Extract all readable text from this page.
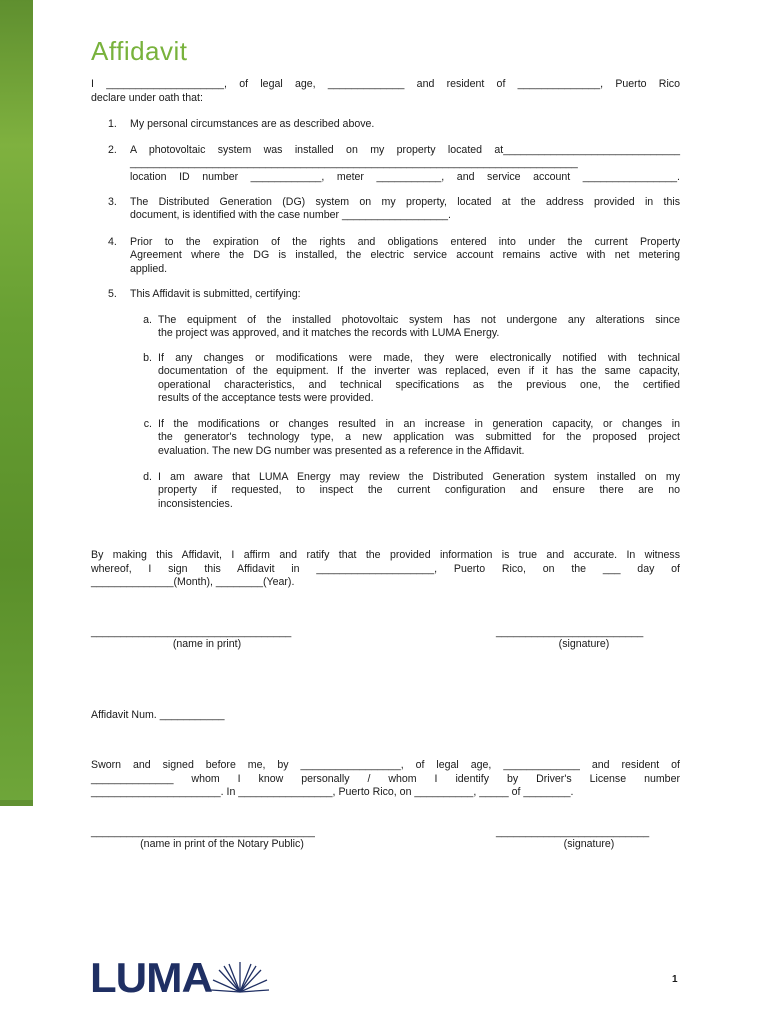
Affidavit
I ____________________, of legal age, _____________ and resident of ______________, Puerto Rico
declare under oath that:
1.	My personal circumstances are as described above.
2.	A photovoltaic system was installed on my property located at______________________________
____________________________________________________________________________
location ID number ____________, meter ___________, and service account ________________.
3.	The Distributed Generation (DG) system on my property, located at the address provided in this
document, is identified with the case number __________________.
4.	Prior to the expiration of the rights and obligations entered into under the current Property
Agreement where the DG is installed, the electric service account remains active with net metering
applied.
5.	This Affidavit is submitted, certifying:
a. The equipment of the installed photovoltaic system has not undergone any alterations since
the project was approved, and it matches the records with LUMA Energy.
b. If any changes or modifications were made, they were electronically notified with technical
documentation of the equipment. If the inverter was replaced, even if it has the same capacity,
operational characteristics, and technical specifications as the previous one, the certified
results of the acceptance tests were provided.
c. If the modifications or changes resulted in an increase in generation capacity, or changes in
the generator's technology type, a new application was submitted for the proposed project
evaluation. The new DG number was presented as a reference in the Affidavit.
d. I am aware that LUMA Energy may review the Distributed Generation system installed on my
property if requested, to inspect the current configuration and ensure there are no
inconsistencies.
By making this Affidavit, I affirm and ratify that the provided information is true and accurate. In witness
whereof, I sign this Affidavit in ____________________, Puerto Rico, on the ___ day of
______________(Month), ________(Year).
__________________________________
(name in print)
_________________________
(signature)
Affidavit Num. ___________
Sworn and signed before me, by _________________, of legal age, _____________ and resident of
______________ whom I know personally / whom I identify by Driver's License number
______________________. In ________________, Puerto Rico, on __________, _____ of ________.
______________________________________
(name in print of the Notary Public)
__________________________
(signature)
LUMA	1
